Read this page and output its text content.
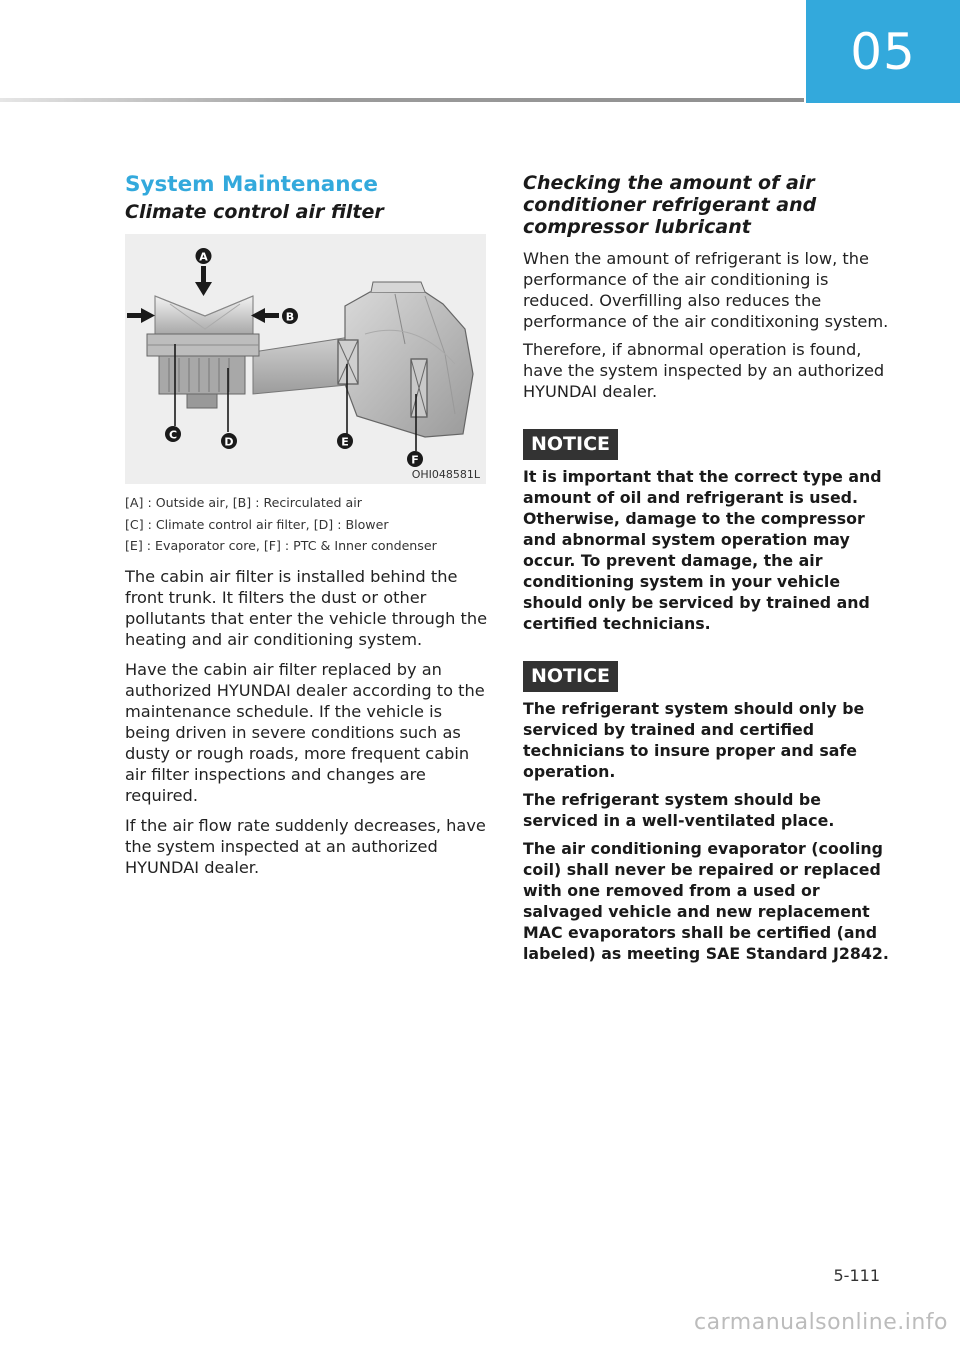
05
System Maintenance
Climate control air filter
A
B
C
D	E
F
OHI048581L
[A] : Outside air, [B] : Recirculated air
[C] : Climate control air filter, [D] : Blower
[E] : Evaporator core, [F] : PTC & Inner condenser

The cabin air filter is installed behind the front trunk. It filters the dust or other pollutants that enter the vehicle through the heating and air conditioning system.

Have the cabin air filter replaced by an authorized HYUNDAI dealer according to the maintenance schedule. If the vehicle is being driven in severe conditions such as dusty or rough roads, more frequent cabin air filter inspections and changes are required.

If the air flow rate suddenly decreases, have the system inspected at an authorized HYUNDAI dealer.

Checking the amount of air conditioner refrigerant and compressor lubricant

When the amount of refrigerant is low, the performance of the air conditioning is reduced. Overfilling also reduces the performance of the air conditixoning system.

Therefore, if abnormal operation is found, have the system inspected by an authorized HYUNDAI dealer.

NOTICE

It is important that the correct type and amount of oil and refrigerant is used. Otherwise, damage to the compressor and abnormal system operation may occur. To prevent damage, the air conditioning system in your vehicle should only be serviced by trained and certified technicians.

NOTICE

The refrigerant system should only be serviced by trained and certified technicians to insure proper and safe operation.

The refrigerant system should be serviced in a well-ventilated place.

The air conditioning evaporator (cooling coil) shall never be repaired or replaced with one removed from a used or salvaged vehicle and new replacement MAC evaporators shall be certified (and labeled) as meeting SAE Standard J2842.

5-111
carmanualsonline.info
